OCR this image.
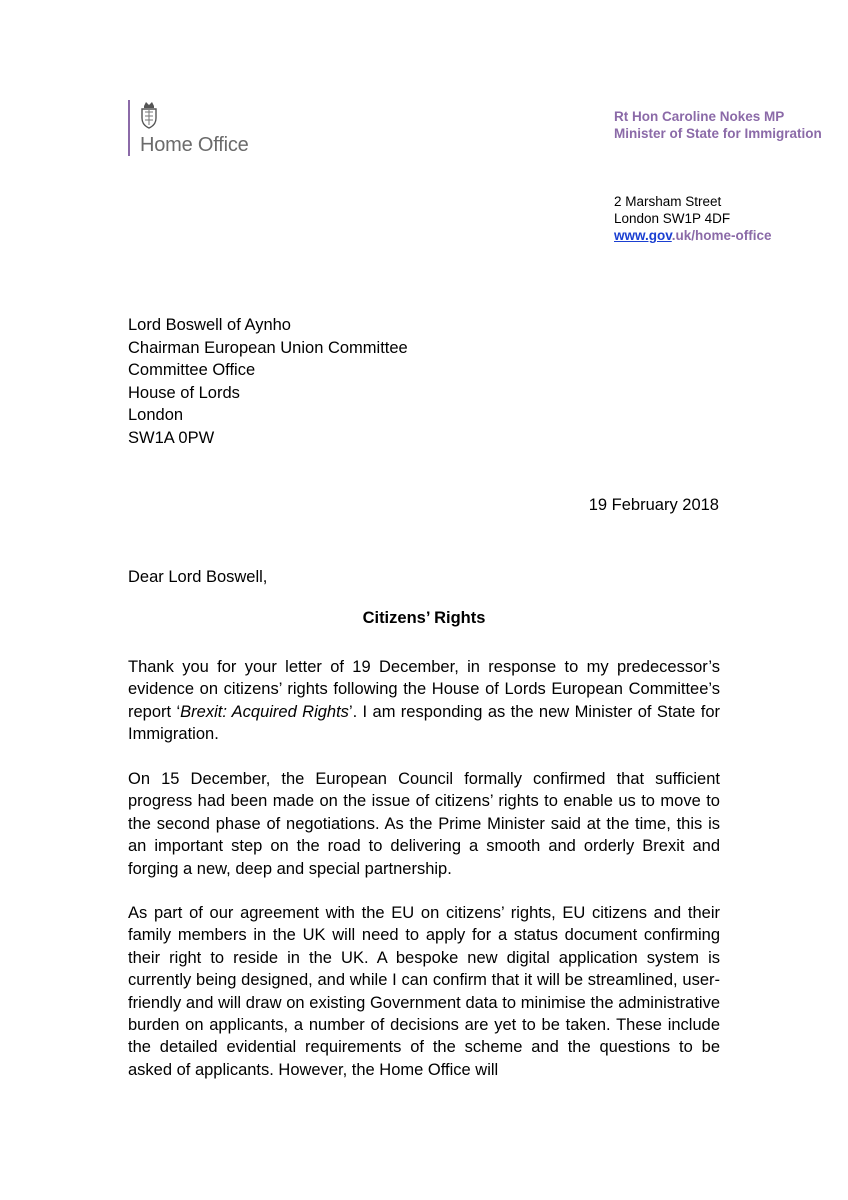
Home Office
Rt Hon Caroline Nokes MP
Minister of State for Immigration
2 Marsham Street
London SW1P 4DF
www.gov.uk/home-office
Lord Boswell of Aynho
Chairman European Union Committee
Committee Office
House of Lords
London
SW1A 0PW
19 February 2018
Dear Lord Boswell,
Citizens’ Rights

Thank you for your letter of 19 December, in response to my predecessor’s evidence on citizens’ rights following the House of Lords European Committee’s report ‘Brexit: Acquired Rights’. I am responding as the new Minister of State for Immigration.

On 15 December, the European Council formally confirmed that sufficient progress had been made on the issue of citizens’ rights to enable us to move to the second phase of negotiations. As the Prime Minister said at the time, this is an important step on the road to delivering a smooth and orderly Brexit and forging a new, deep and special partnership.

As part of our agreement with the EU on citizens’ rights, EU citizens and their family members in the UK will need to apply for a status document confirming their right to reside in the UK. A bespoke new digital application system is currently being designed, and while I can confirm that it will be streamlined, user-friendly and will draw on existing Government data to minimise the administrative burden on applicants, a number of decisions are yet to be taken. These include the detailed evidential requirements of the scheme and the questions to be asked of applicants. However, the Home Office will
